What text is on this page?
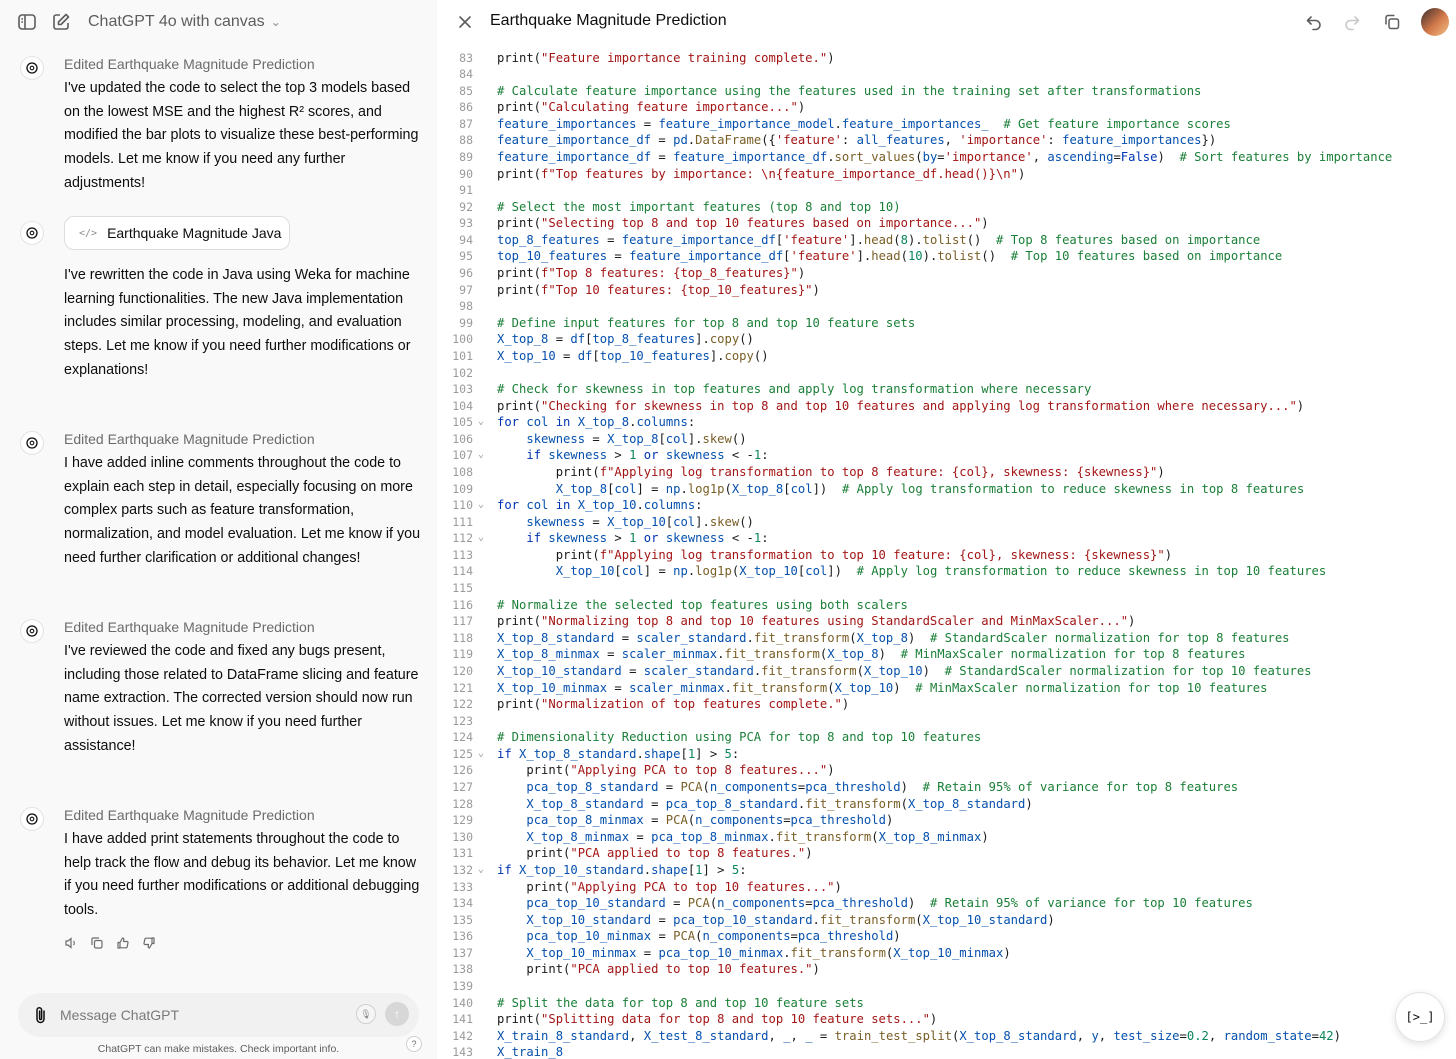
ChatGPT 4o with canvas ⌄
Edited Earthquake Magnitude Prediction
I've updated the code to select the top 3 models based on the lowest MSE and the highest R² scores, and modified the bar plots to visualize these best-performing models. Let me know if you need any further adjustments!
</> Earthquake Magnitude Java
I've rewritten the code in Java using Weka for machine learning functionalities. The new Java implementation includes similar processing, modeling, and evaluation steps. Let me know if you need further modifications or explanations!
Edited Earthquake Magnitude Prediction
I have added inline comments throughout the code to explain each step in detail, especially focusing on more complex parts such as feature transformation, normalization, and model evaluation. Let me know if you need further clarification or additional changes!
Edited Earthquake Magnitude Prediction
I've reviewed the code and fixed any bugs present, including those related to DataFrame slicing and feature name extraction. The corrected version should now run without issues. Let me know if you need further assistance!
Edited Earthquake Magnitude Prediction
I have added print statements throughout the code to help track the flow and debug its behavior. Let me know if you need further modifications or additional debugging tools.
Message ChatGPT
🎙	↑
ChatGPT can make mistakes. Check important info.	?
83 print("Feature importance training complete.")
84
85 # Calculate feature importance using the features used in the training set after transformations
86 print("Calculating feature importance...")
87 feature_importances = feature_importance_model.feature_importances_ # Get feature importance scores
88 feature_importance_df = pd.DataFrame({'feature': all_features, 'importance': feature_importances})
89 feature_importance_df = feature_importance_df.sort_values(by='importance', ascending=False)  # Sort features by importance
90 print(f"Top features by importance: \n{feature_importance_df.head()}\n")
91
92 # Select the most important features (top 8 and top 10)
93 print("Selecting top 8 and top 10 features based on importance...")
94 top_8_features = feature_importance_df['feature'].head(8).tolist()  # Top 8 features based on importance
95 top_10_features = feature_importance_df['feature'].head(10).tolist()  # Top 10 features based on importance
96 print(f"Top 8 features: {top_8_features}")
97 print(f"Top 10 features: {top_10_features}")
98
99 # Define input features for top 8 and top 10 feature sets
100 X_top_8 = df[top_8_features].copy()
101 X_top_10 = df[top_10_features].copy()
102
103 # Check for skewness in top features and apply log transformation where necessary
104 print("Checking for skewness in top 8 and top 10 features and applying log transformation where necessary...")
105 ⌄ for col in X_top_8.columns:
106	skewness = X_top_8[col].skew()
107 ⌄	if skewness > 1 or skewness < -1:
108 print(f"Applying log transformation to top 8 feature: {col}, skewness: {skewness}")
109	X_top_8[col] = np.log1p(X_top_8[col])  # Apply log transformation to reduce skewness in top 8 features
110 ⌄ for col in X_top_10.columns:
111	skewness = X_top_10[col].skew()
112 ⌄	if skewness > 1 or skewness < -1:
113 print(f"Applying log transformation to top 10 feature: {col}, skewness: {skewness}")
114	X_top_10[col] = np.log1p(X_top_10[col])  # Apply log transformation to reduce skewness in top 10 features
115
116 # Normalize the selected top features using both scalers
117 print("Normalizing top 8 and top 10 features using StandardScaler and MinMaxScaler...")
118 X_top_8_standard = scaler_standard.fit_transform(X_top_8)  # StandardScaler normalization for top 8 features
119 X_top_8_minmax = scaler_minmax.fit_transform(X_top_8)  # MinMaxScaler normalization for top 8 features
120 X_top_10_standard = scaler_standard.fit_transform(X_top_10)  # StandardScaler normalization for top 10 features
121 X_top_10_minmax = scaler_minmax.fit_transform(X_top_10)  # MinMaxScaler normalization for top 10 features
122 print("Normalization of top features complete.")
123
124 # Dimensionality Reduction using PCA for top 8 and top 10 features
125 ⌄ if X_top_8_standard.shape[1] > 5:
126 print("Applying PCA to top 8 features...")
127	pca_top_8_standard = PCA(n_components=pca_threshold)  # Retain 95% of variance for top 8 features
128	X_top_8_standard = pca_top_8_standard.fit_transform(X_top_8_standard)
129	pca_top_8_minmax = PCA(n_components=pca_threshold)
130	X_top_8_minmax = pca_top_8_minmax.fit_transform(X_top_8_minmax)
131 print("PCA applied to top 8 features.")
132 ⌄ if X_top_10_standard.shape[1] > 5:
133 print("Applying PCA to top 10 features...")
134	pca_top_10_standard = PCA(n_components=pca_threshold)  # Retain 95% of variance for top 10 features
135	X_top_10_standard = pca_top_10_standard.fit_transform(X_top_10_standard)
136	pca_top_10_minmax = PCA(n_components=pca_threshold)
137	X_top_10_minmax = pca_top_10_minmax.fit_transform(X_top_10_minmax)
138 print("PCA applied to top 10 features.")
139
140 # Split the data for top 8 and top 10 feature sets
141 print("Splitting data for top 8 and top 10 feature sets...")
142 X_train_8_standard, X_test_8_standard, _, _ = train_test_split(X_top_8_standard, y, test_size=0.2, random_state=42)
143 X_train_8
Earthquake Magnitude Prediction
[>_]
